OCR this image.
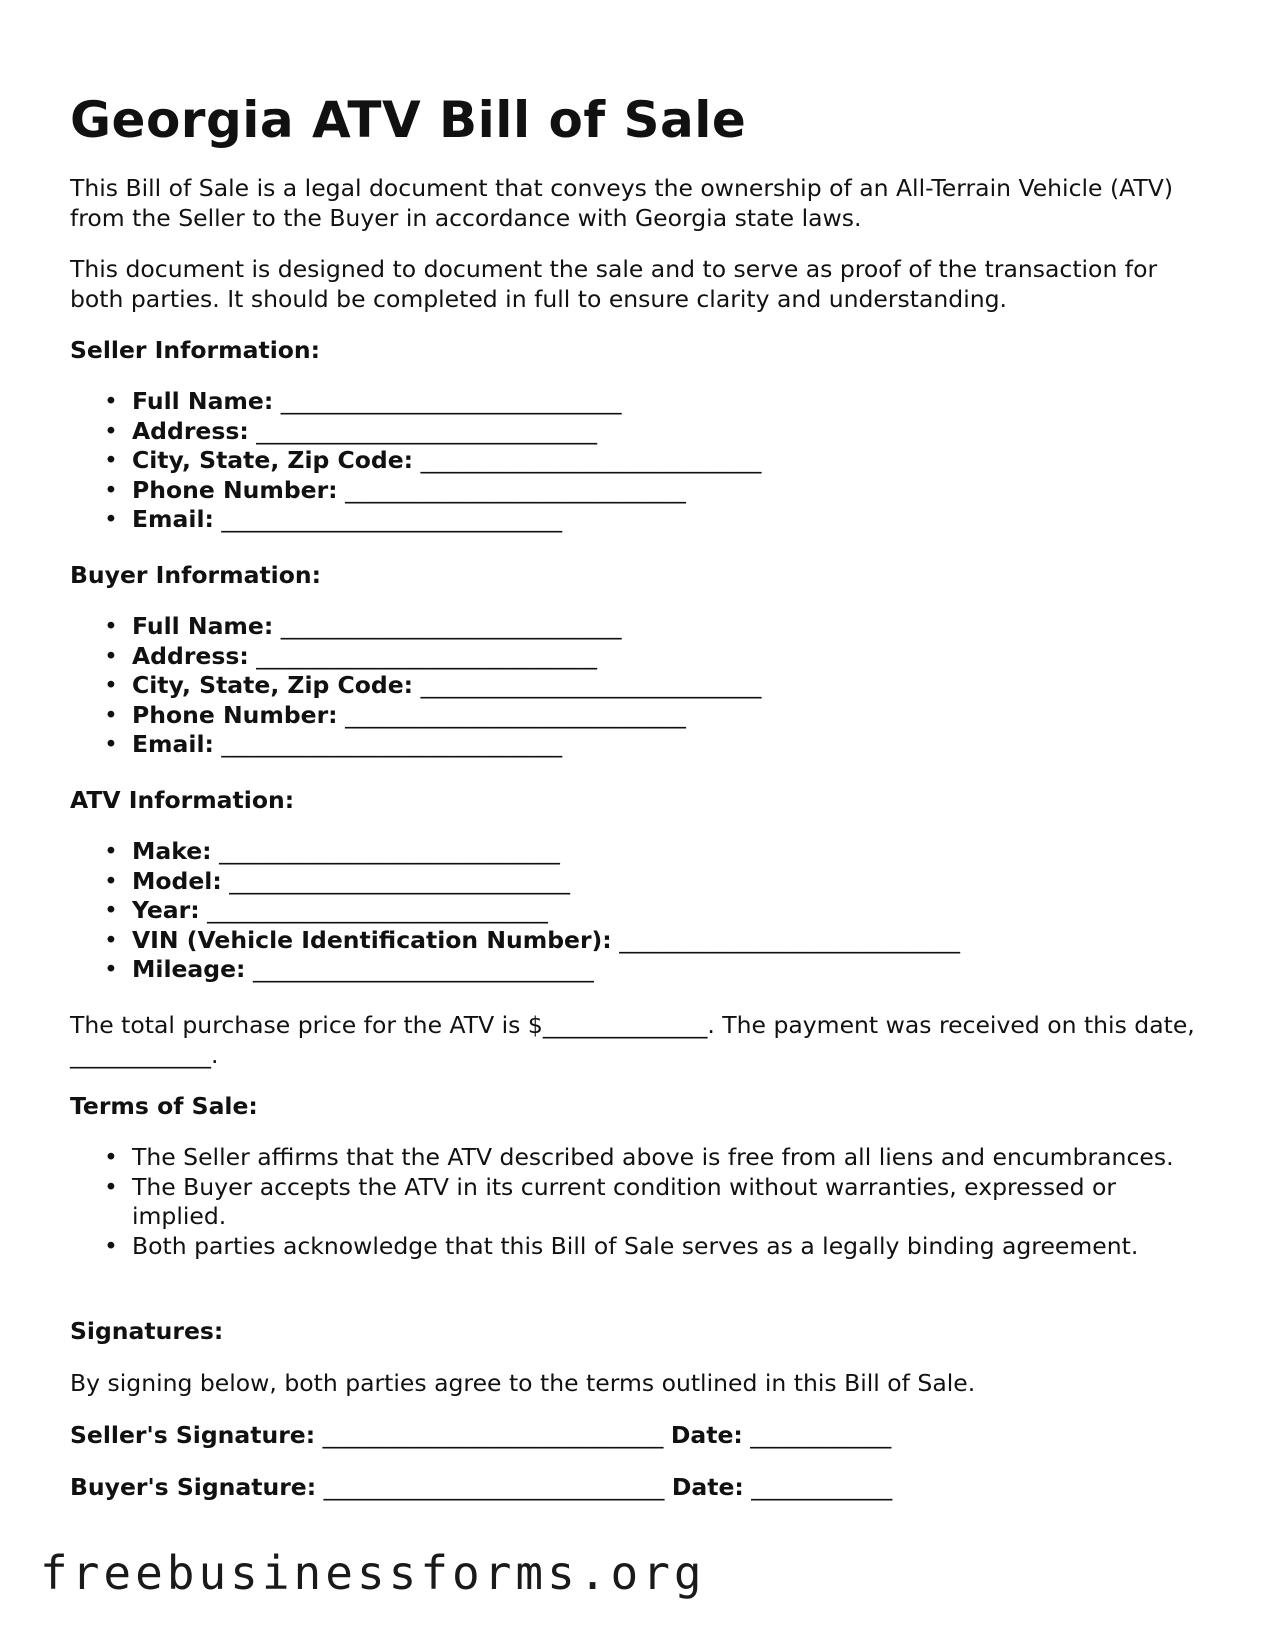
Georgia ATV Bill of Sale

This Bill of Sale is a legal document that conveys the ownership of an All-Terrain Vehicle (ATV) from the Seller to the Buyer in accordance with Georgia state laws.

This document is designed to document the sale and to serve as proof of the transaction for both parties. It should be completed in full to ensure clarity and understanding.

Seller Information:
• Full Name: _____________________________
• Address: _____________________________
• City, State, Zip Code: _____________________________
• Phone Number: _____________________________
• Email: _____________________________
Buyer Information:
• Full Name: _____________________________
• Address: _____________________________
• City, State, Zip Code: _____________________________
• Phone Number: _____________________________
• Email: _____________________________
ATV Information:
• Make: _____________________________
• Model: _____________________________
• Year: _____________________________
• VIN (Vehicle Identification Number): _____________________________
• Mileage: _____________________________

The total purchase price for the ATV is $______________. The payment was received on this date, ____________.

Terms of Sale:
• The Seller affirms that the ATV described above is free from all liens and encumbrances.
• The Buyer accepts the ATV in its current condition without warranties, expressed or implied.
• Both parties acknowledge that this Bill of Sale serves as a legally binding agreement.
Signatures:

By signing below, both parties agree to the terms outlined in this Bill of Sale.

Seller's Signature: _____________________________ Date: ____________
Buyer's Signature: _____________________________ Date: ____________
freebusinessforms.org
